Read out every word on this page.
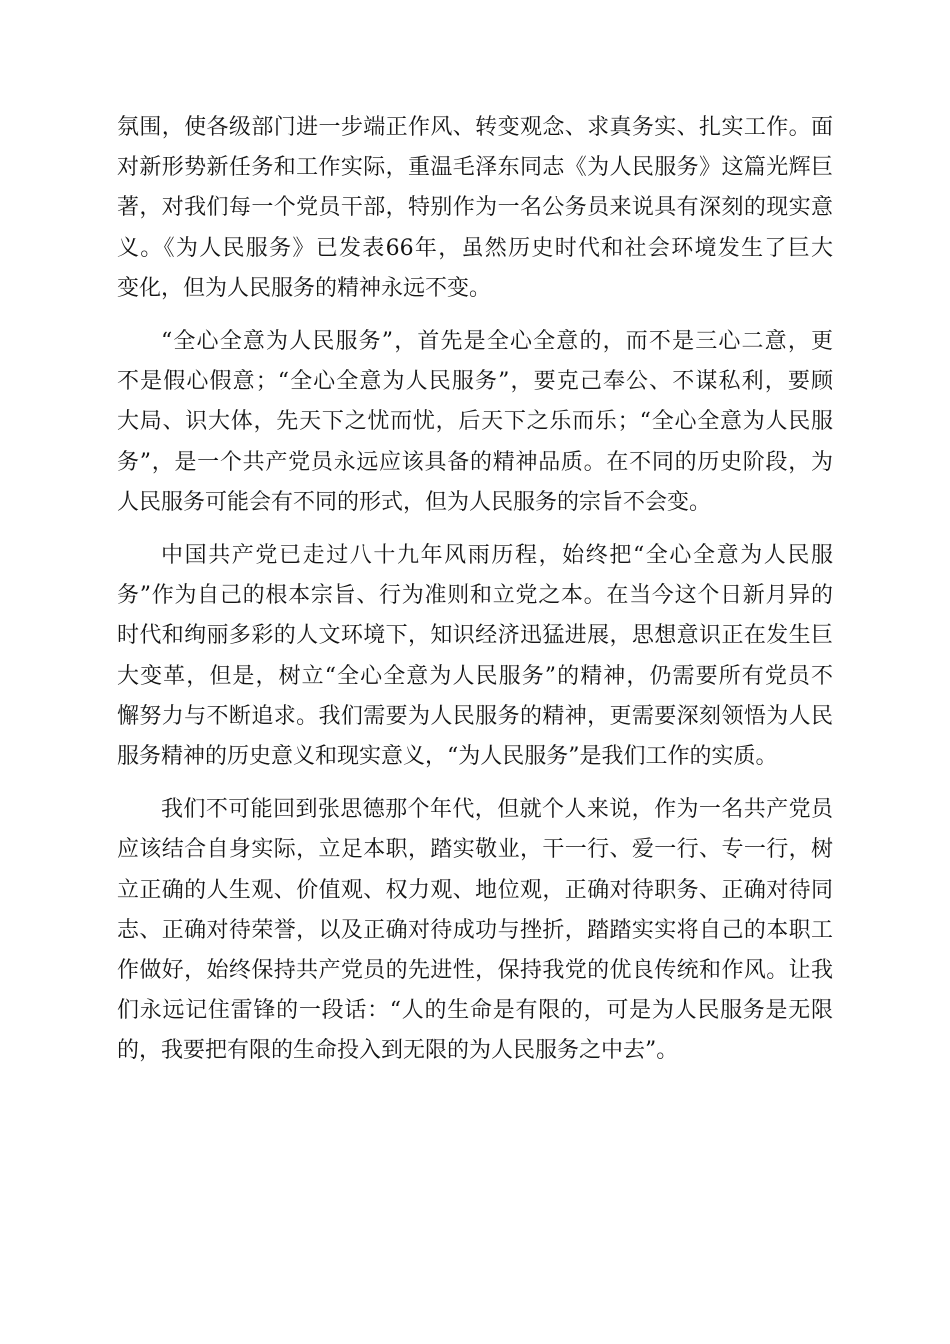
氛围，使各级部门进一步端正作风、转变观念、求真务实、扎实工作。面
对新形势新任务和工作实际，重温毛泽东同志《为人民服务》这篇光辉巨
著，对我们每一个党员干部，特别作为一名公务员来说具有深刻的现实意
义。《为人民服务》已发表66年，虽然历史时代和社会环境发生了巨大
变化，但为人民服务的精神永远不变。

“全心全意为人民服务”，首先是全心全意的，而不是三心二意，更
不是假心假意；“全心全意为人民服务”，要克己奉公、不谋私利，要顾
大局、识大体，先天下之忧而忧，后天下之乐而乐；“全心全意为人民服
务”，是一个共产党员永远应该具备的精神品质。在不同的历史阶段，为
人民服务可能会有不同的形式，但为人民服务的宗旨不会变。

中国共产党已走过八十九年风雨历程，始终把“全心全意为人民服
务”作为自己的根本宗旨、行为准则和立党之本。在当今这个日新月异的
时代和绚丽多彩的人文环境下，知识经济迅猛进展，思想意识正在发生巨
大变革，但是，树立“全心全意为人民服务”的精神，仍需要所有党员不
懈努力与不断追求。我们需要为人民服务的精神，更需要深刻领悟为人民
服务精神的历史意义和现实意义，“为人民服务”是我们工作的实质。

我们不可能回到张思德那个年代，但就个人来说，作为一名共产党员
应该结合自身实际，立足本职，踏实敬业，干一行、爱一行、专一行，树
立正确的人生观、价值观、权力观、地位观，正确对待职务、正确对待同
志、正确对待荣誉，以及正确对待成功与挫折，踏踏实实将自己的本职工
作做好，始终保持共产党员的先进性，保持我党的优良传统和作风。让我
们永远记住雷锋的一段话：“人的生命是有限的，可是为人民服务是无限
的，我要把有限的生命投入到无限的为人民服务之中去”。
